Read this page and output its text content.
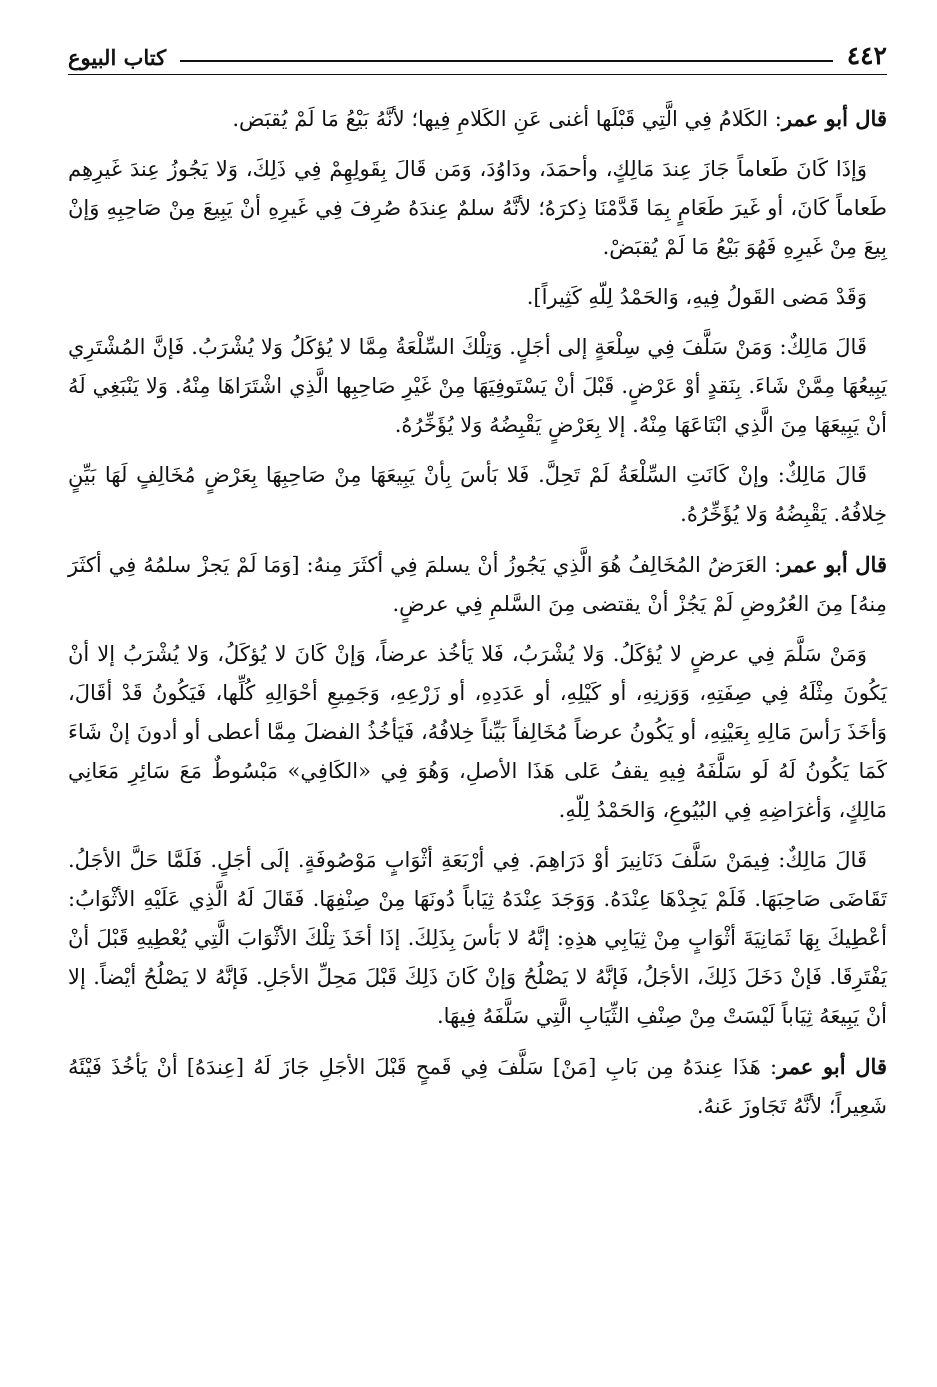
٤٤٢
كتاب البيوع

قال أبو عمر: الكَلامُ فِي الَّتِي قَبْلَها أغنى عَنِ الكَلامِ فِيها؛ لأنَّهُ بَيْعُ مَا لَمْ يُقبَض.

وَإذَا كَانَ طَعاماً جَازَ عِندَ مَالِكٍ، وأحمَدَ، ودَاوُدَ، وَمَن قَالَ بِقَولِهِمْ فِي ذَلِكَ، وَلا يَجُوزُ عِندَ غَيرِهِم طَعاماً كَانَ، أو غَيرَ طَعَامٍ بِمَا قَدَّمْنَا ذِكرَهُ؛ لأنَّهُ سلمٌ عِندَهُ صُرِفَ فِي غَيرِهِ أنْ يَبِيعَ مِنْ صَاحِبِهِ وَإنْ بِيعَ مِنْ غَيرِهِ فَهُوَ بَيْعُ مَا لَمْ يُقبَضْ.

وَقَدْ مَضى القَولُ فِيهِ، وَالحَمْدُ لِلّهِ كَثِيراً].

قَالَ مَالِكٌ: وَمَنْ سَلَّفَ فِي سِلْعَةٍ إلى أجَلٍ. وَتِلْكَ السِّلْعَةُ مِمَّا لا يُؤكَلُ وَلا يُشْرَبُ. فَإنَّ المُشْتَرِي يَبِيعُهَا مِمَّنْ شَاءَ. بِنَقدٍ أوْ عَرْضٍ. قَبْلَ أنْ يَسْتَوفِيَهَا مِنْ غَيْرِ صَاحِبِها الَّذِي اشْتَرَاهَا مِنْهُ. وَلا يَنْبَغِي لَهُ أنْ يَبِيعَهَا مِنَ الَّذِي ابْتَاعَهَا مِنْهُ. إلا بِعَرْضٍ يَقْبِضُهُ وَلا يُؤَخِّرُهُ.

قَالَ مَالِكٌ: وإنْ كَانَتِ السِّلْعَةُ لَمْ تَحِلَّ. فَلا بَأسَ بِأنْ يَبِيعَهَا مِنْ صَاحِبِهَا بِعَرْضٍ مُخَالِفٍ لَهَا بَيِّنٍ خِلافُهُ. يَقْبِضُهُ وَلا يُؤَخِّرُهُ.

قال أبو عمر: العَرَضُ المُخَالِفُ هُوَ الَّذِي يَجُوزُ أنْ يسلمَ فِي أكثَرَ مِنهُ: [وَمَا لَمْ يَجزْ سلمُهُ فِي أكثَرَ مِنهُ] مِنَ العُرُوضِ لَمْ يَجُزْ أنْ يقتضى مِنَ السَّلمِ فِي عرضٍ.

وَمَنْ سَلَّمَ فِي عرضٍ لا يُؤكَلُ. وَلا يُشْرَبُ، فَلا يَأخُذ عرضاً، وَإنْ كَانَ لا يُؤكَلُ، وَلا يُشْرَبُ إلا أنْ يَكُونَ مِثْلَهُ فِي صِفَتِهِ، وَوَزنِهِ، أو كَيْلِهِ، أو عَدَدِهِ، أو زَرْعِهِ، وَجَمِيعِ أحْوَالِهِ كُلِّها، فَيَكُونُ قَدْ أقَالَ، وَأخَذَ رَأسَ مَالِهِ بِعَيْنِهِ، أو يَكُونُ عرضاً مُخَالِفاً بَيِّناً خِلافُهُ، فَيَأخُذُ الفضلَ مِمَّا أعطى أو أدونَ إنْ شَاءَ كَمَا يَكُونُ لَهُ لَو سَلَّفَهُ فِيهِ يقفُ عَلى هَذَا الأصلِ، وَهُوَ فِي «الكَافِي» مَبْسُوطٌ مَعَ سَائِرِ مَعَانِي مَالِكٍ، وَأغرَاضِهِ فِي البُيُوعِ، وَالحَمْدُ لِلّهِ.

قَالَ مَالِكٌ: فِيمَنْ سَلَّفَ دَنَانِيرَ أوْ دَرَاهِمَ. فِي أرْبَعَةِ أثْوَابٍ مَوْصُوفَةٍ. إلَى أجَلٍ. فَلَمَّا حَلَّ الأجَلُ. تَقَاضَى صَاحِبَهَا. فَلَمْ يَجِدْهَا عِنْدَهُ. وَوَجَدَ عِنْدَهُ ثِيَاباً دُونَهَا مِنْ صِنْفِهَا. فَقَالَ لَهُ الَّذِي عَلَيْهِ الأثْوَابُ: أعْطِيكَ بِهَا ثَمَانِيَةَ أثْوَابٍ مِنْ ثِيَابِي هذِهِ: إنَّهُ لا بَأسَ بِذَلِكَ. إذَا أخَذَ تِلْكَ الأثْوَابَ الَّتِي يُعْطِيهِ قَبْلَ أنْ يَفْتَرِقَا. فَإنْ دَخَلَ ذَلِكَ، الأجَلُ، فَإنَّهُ لا يَصْلُحُ وَإنْ كَانَ ذَلِكَ قَبْلَ مَحِلِّ الأجَلِ. فَإنَّهُ لا يَصْلُحُ أيْضاً. إلا أنْ يَبِيعَهُ ثِيَاباً لَيْسَتْ مِنْ صِنْفِ الثِّيَابِ الَّتِي سَلَّفَهُ فِيهَا.

قال أبو عمر: هَذَا عِندَهُ مِن بَابِ [مَنْ] سَلَّفَ فِي قَمحٍ قَبْلَ الأجَلِ جَازَ لَهُ [عِندَهُ] أنْ يَأخُذَ فَيْئَهُ شَعِيراً؛ لأنَّهُ تَجَاوزَ عَنهُ.
